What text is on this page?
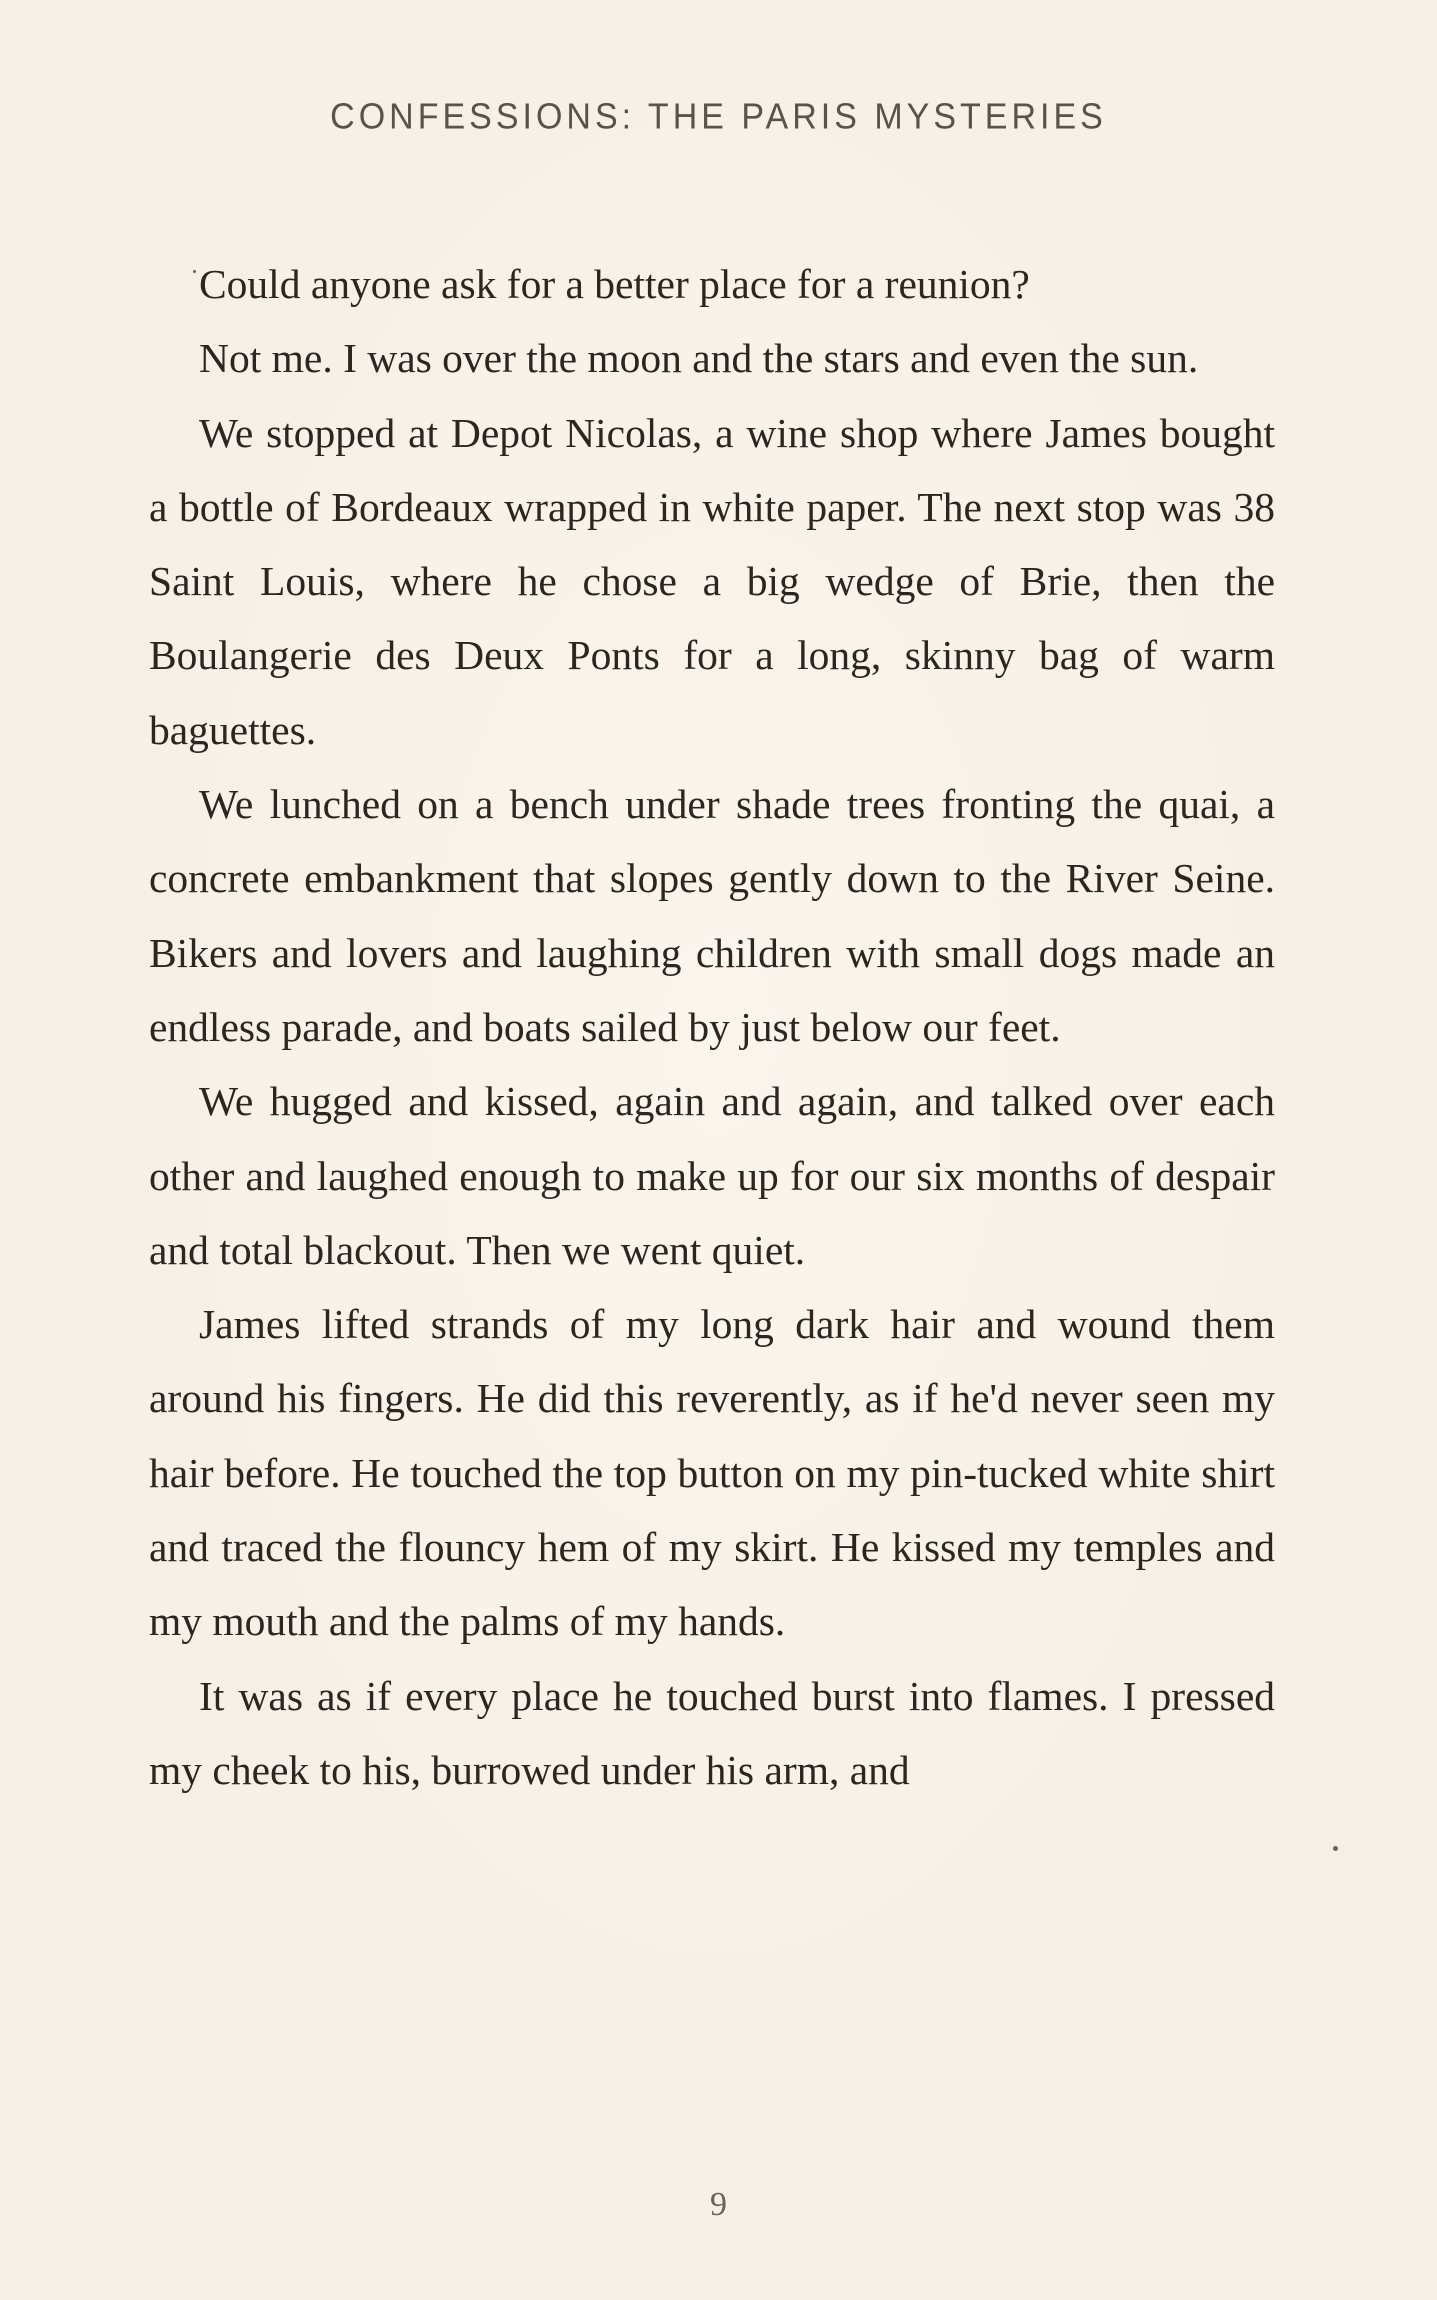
CONFESSIONS: THE PARIS MYSTERIES

Could anyone ask for a better place for a reunion?

Not me. I was over the moon and the stars and even the sun.

We stopped at Depot Nicolas, a wine shop where James bought a bottle of Bordeaux wrapped in white paper. The next stop was 38 Saint Louis, where he chose a big wedge of Brie, then the Boulangerie des Deux Ponts for a long, skinny bag of warm baguettes.

We lunched on a bench under shade trees fronting the quai, a concrete embankment that slopes gently down to the River Seine. Bikers and lovers and laughing children with small dogs made an endless parade, and boats sailed by just below our feet.

We hugged and kissed, again and again, and talked over each other and laughed enough to make up for our six months of despair and total blackout. Then we went quiet.

James lifted strands of my long dark hair and wound them around his fingers. He did this reverently, as if he'd never seen my hair before. He touched the top button on my pin-tucked white shirt and traced the flouncy hem of my skirt. He kissed my temples and my mouth and the palms of my hands.

It was as if every place he touched burst into flames. I pressed my cheek to his, burrowed under his arm, and

9
